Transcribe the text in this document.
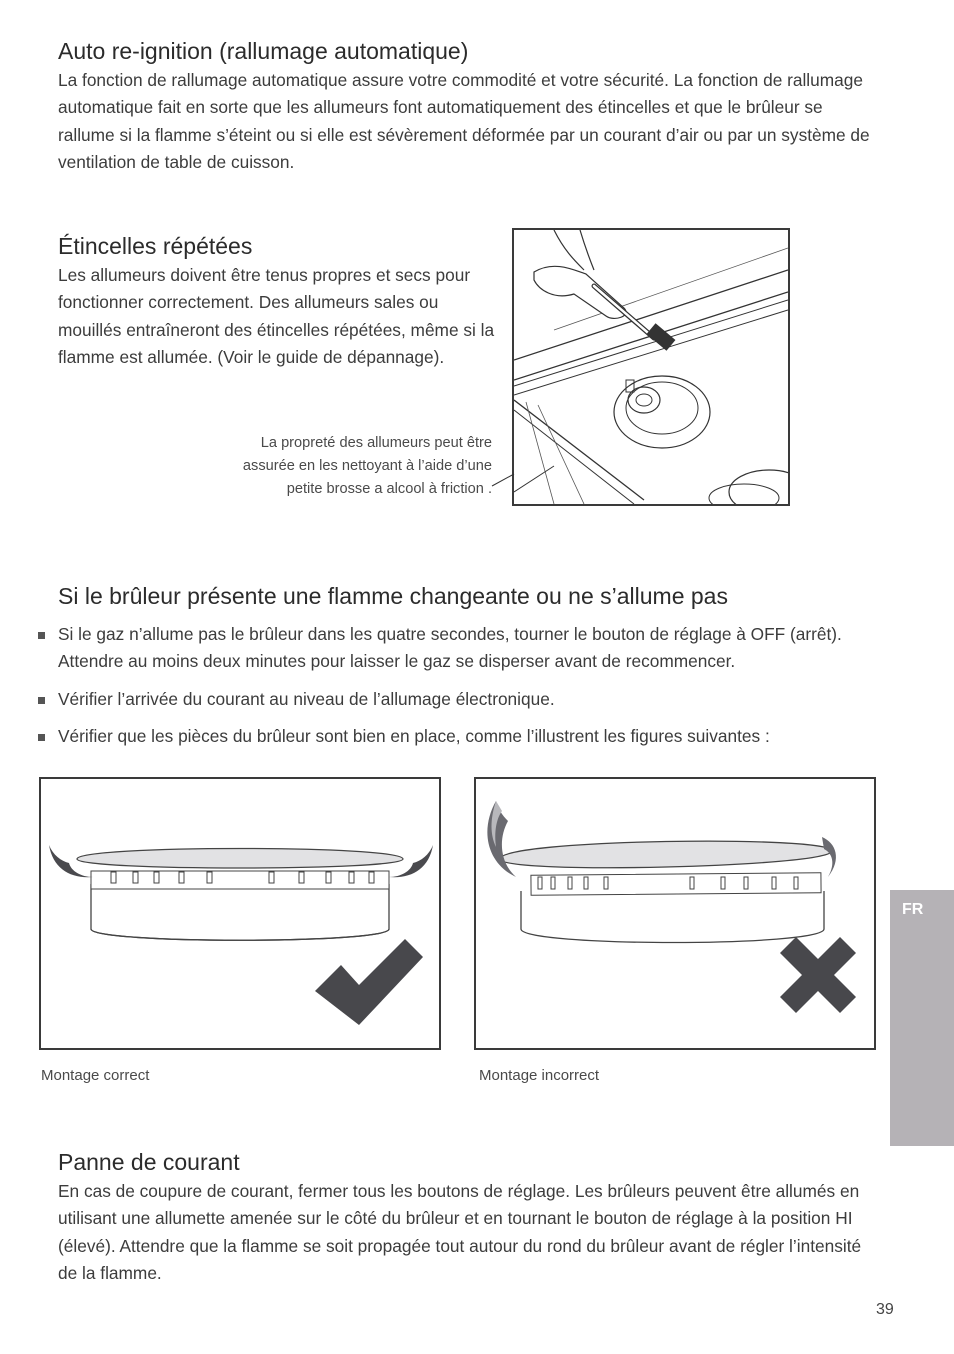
Auto re-ignition (rallumage automatique)

La fonction de rallumage automatique assure votre commodité et votre sécurité. La fonction de rallumage automatique fait en sorte que les allumeurs font automatiquement des étincelles et que le brûleur se rallume si la flamme s’éteint ou si elle est sévèrement déformée par un courant d’air ou par un système de ventilation de table de cuisson.

Étincelles répétées

Les allumeurs doivent être tenus propres et secs pour fonctionner correctement. Des allumeurs sales ou mouillés entraîneront des étincelles répétées, même si la flamme est allumée. (Voir le guide de dépannage).

La propreté des allumeurs peut être assurée en les nettoyant à l’aide d’une petite brosse a alcool à friction .
Si le brûleur présente une flamme changeante ou ne s’allume pas
Si le gaz n’allume pas le brûleur dans les quatre secondes, tourner le bouton de réglage à OFF (arrêt). Attendre au moins deux minutes pour laisser le gaz se disperser avant de recommencer.
Vérifier l’arrivée du courant au niveau de l’allumage électronique.
Vérifier que les pièces du brûleur sont bien en place, comme l’illustrent les figures suivantes :
Montage correct	Montage incorrect
Panne de courant

En cas de coupure de courant, fermer tous les boutons de réglage. Les brûleurs peuvent être allumés en utilisant une allumette amenée sur le côté du brûleur et en tournant le bouton de réglage à la position HI (élevé). Attendre que la flamme se soit propagée tout autour du rond du brûleur avant de régler l’intensité de la flamme.

FR
39
